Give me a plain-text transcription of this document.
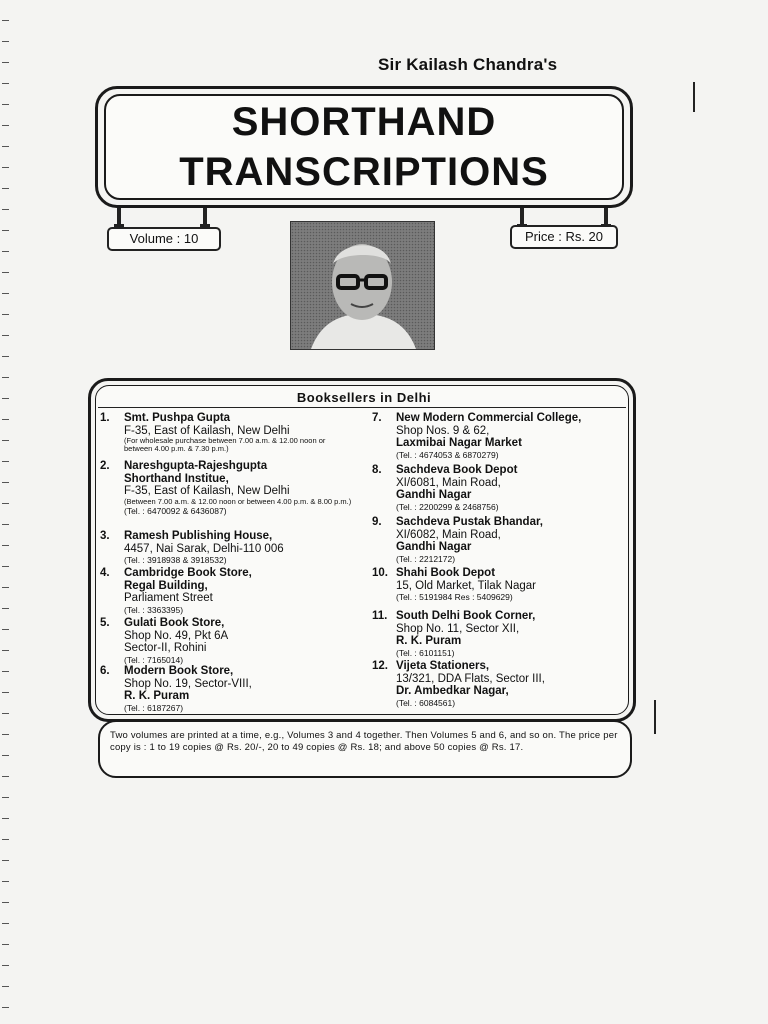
Sir Kailash Chandra's
SHORTHAND
TRANSCRIPTIONS
Volume : 10	Price : Rs. 20
Booksellers in Delhi
1. Smt. Pushpa Gupta
F-35, East of Kailash, New Delhi
(For wholesale purchase between 7.00 a.m. & 12.00 noon or between 4.00 p.m. & 7.30 p.m.)
2. Nareshgupta-Rajeshgupta
Shorthand Institue,
F-35, East of Kailash, New Delhi
(Between 7.00 a.m. & 12.00 noon or between 4.00 p.m. & 8.00 p.m.)
(Tel. : 6470092 & 6436087)
3. Ramesh Publishing House,
4457, Nai Sarak, Delhi-110 006
(Tel. : 3918938 & 3918532)
4. Cambridge Book Store,
Regal Building,
Parliament Street
(Tel. : 3363395)
5. Gulati Book Store,
Shop No. 49, Pkt 6A
Sector-II, Rohini
(Tel. : 7165014)
6. Modern Book Store,
Shop No. 19, Sector-VIII,
R. K. Puram
(Tel. : 6187267)
7. New Modern Commercial College,
Shop Nos. 9 & 62,
Laxmibai Nagar Market
(Tel. : 4674053 & 6870279)
8. Sachdeva Book Depot
XI/6081, Main Road,
Gandhi Nagar
(Tel. : 2200299 & 2468756)
9. Sachdeva Pustak Bhandar,
XI/6082, Main Road,
Gandhi Nagar
(Tel. : 2212172)
10. Shahi Book Depot
15, Old Market, Tilak Nagar
(Tel. : 5191984 Res : 5409629)
11. South Delhi Book Corner,
Shop No. 11, Sector XII,
R. K. Puram
(Tel. : 6101151)
12. Vijeta Stationers,
13/321, DDA Flats, Sector III,
Dr. Ambedkar Nagar,
(Tel. : 6084561)
Two volumes are printed at a time, e.g., Volumes 3 and 4 together. Then Volumes 5 and 6, and so on. The price per copy is : 1 to 19 copies @ Rs. 20/-, 20 to 49 copies @ Rs. 18; and above 50 copies @ Rs. 17.
